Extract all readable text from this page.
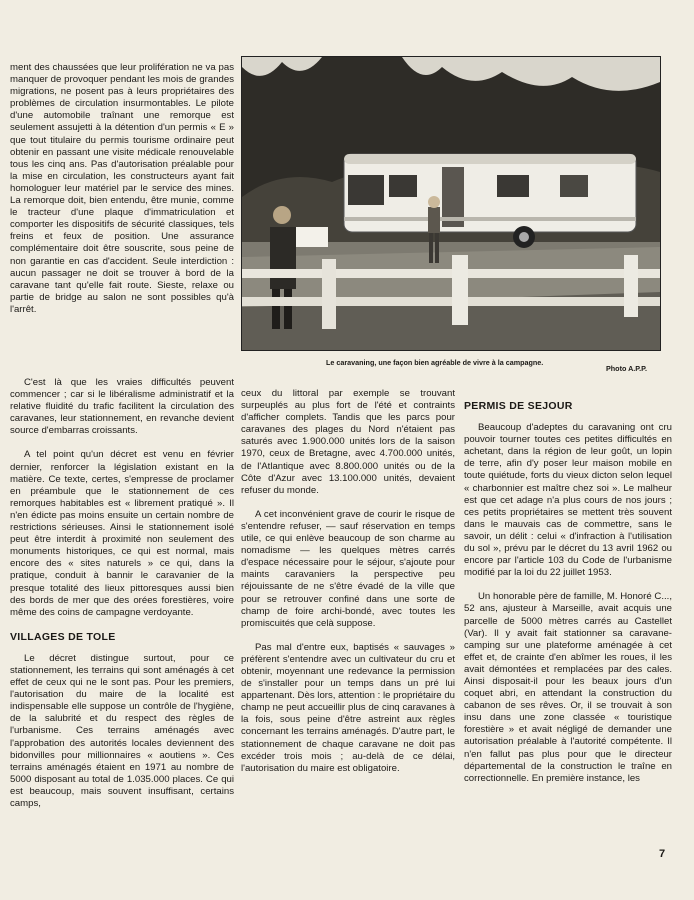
ment des chaussées que leur prolifération ne va pas manquer de provoquer pendant les mois de grandes migrations, ne posent pas à leurs propriétaires des problèmes de circulation insurmontables. Le pilote d'une automobile traînant une remorque est seulement assujetti à la détention d'un permis « E » que tout titulaire du permis tourisme ordinaire peut obtenir en passant une visite médicale renouvelable tous les cinq ans. Pas d'autorisation préalable pour la mise en circulation, les constructeurs ayant fait homologuer leur matériel par le service des mines. La remorque doit, bien entendu, être munie, comme le tracteur d'une plaque d'immatriculation et comporter les dispositifs de sécurité classiques, tels freins et feux de position. Une assurance complémentaire doit être souscrite, sous peine de non garantie en cas d'accident. Seule interdiction : aucun passager ne doit se trouver à bord de la caravane tant qu'elle fait route. Sieste, relaxe ou partie de bridge au salon ne sont possibles qu'à l'arrêt.

C'est là que les vraies difficultés peuvent commencer ; car si le libéralisme administratif et la relative fluidité du trafic facilitent la circulation des caravanes, leur stationnement, en revanche devient source d'embarras croissants.

A tel point qu'un décret est venu en février dernier, renforcer la législation existant en la matière. Ce texte, certes, s'empresse de proclamer en préambule que le stationnement de ces remorques habitables est « librement pratiqué ». Il n'en édicte pas moins ensuite un certain nombre de restrictions sérieuses. Ainsi le stationnement isolé peut être interdit à proximité non seulement des monuments historiques, ce qui est normal, mais encore des « sites naturels » ce qui, dans la pratique, conduit à bannir le caravanier de la presque totalité des lieux pittoresques aussi bien des bords de mer que des orées forestières, voire même des coins de campagne verdoyante.

VILLAGES DE TOLE

Le décret distingue surtout, pour ce stationnement, les terrains qui sont aménagés à cet effet de ceux qui ne le sont pas. Pour les premiers, l'autorisation du maire de la localité est indispensable elle suppose un contrôle de l'hygiène, de la salubrité et du respect des règles de l'urbanisme. Ces terrains aménagés avec l'approbation des autorités locales deviennent des bidonvilles pour millionnaires « aoutiens ». Ces terrains aménagés étaient en 1971 au nombre de 5000 disposant au total de 1.035.000 places. Ce qui est beaucoup, mais souvent insuffisant, certains camps,

Le caravaning, une façon bien agréable de vivre à la campagne.
Photo A.P.P.

ceux du littoral par exemple se trouvant surpeuplés au plus fort de l'été et contraints d'afficher complets. Tandis que les parcs pour caravanes des plages du Nord n'étaient pas saturés avec 1.900.000 unités lors de la saison 1970, ceux de Bretagne, avec 4.700.000 unités, de l'Atlantique avec 8.800.000 unités ou de la Côte d'Azur avec 13.100.000 unités, devaient refuser du monde.

A cet inconvénient grave de courir le risque de s'entendre refuser, — sauf réservation en temps utile, ce qui enlève beaucoup de son charme au nomadisme — les quelques mètres carrés d'espace nécessaire pour le séjour, s'ajoute pour maints caravaniers la perspective peu réjouissante de ne s'être évadé de la ville que pour se retrouver confiné dans une sorte de champ de foire archi-bondé, avec toutes les promiscuités que celà suppose.

Pas mal d'entre eux, baptisés « sauvages » préfèrent s'entendre avec un cultivateur du cru et obtenir, moyennant une redevance la permission de s'installer pour un temps dans un pré lui appartenant. Dès lors, attention : le propriétaire du champ ne peut accueillir plus de cinq caravanes à la fois, sous peine d'être astreint aux règles concernant les terrains aménagés. D'autre part, le stationnement de chaque caravane ne doit pas excéder trois mois ; au-delà de ce délai, l'autorisation du maire est obligatoire.

PERMIS DE SEJOUR

Beaucoup d'adeptes du caravaning ont cru pouvoir tourner toutes ces petites difficultés en achetant, dans la région de leur goût, un lopin de terre, afin d'y poser leur maison mobile en toute quiétude, forts du vieux dicton selon lequel « charbonnier est maître chez soi ». Le malheur est que cet adage n'a plus cours de nos jours ; ces petits propriétaires se mettent très souvent dans le mauvais cas de commettre, sans le savoir, un délit : celui « d'infraction à l'utilisation du sol », prévu par le décret du 13 avril 1962 ou encore par l'article 103 du Code de l'urbanisme modifié par la loi du 22 juillet 1953.

Un honorable père de famille, M. Honoré C..., 52 ans, ajusteur à Marseille, avait acquis une parcelle de 5000 mètres carrés au Castellet (Var). Il y avait fait stationner sa caravane-camping sur une plateforme aménagée à cet effet et, de crainte d'en abîmer les roues, il les avait démontées et remplacées par des cales. Ainsi disposait-il pour les beaux jours d'un coquet abri, en attendant la construction du cabanon de ses rêves. Or, il se trouvait à son insu dans une zone classée « touristique forestière » et avait négligé de demander une autorisation préalable à l'autorité compétente. Il n'en fallut pas plus pour que le directeur départemental de la construction le traîne en correctionnelle. En première instance, les

7
